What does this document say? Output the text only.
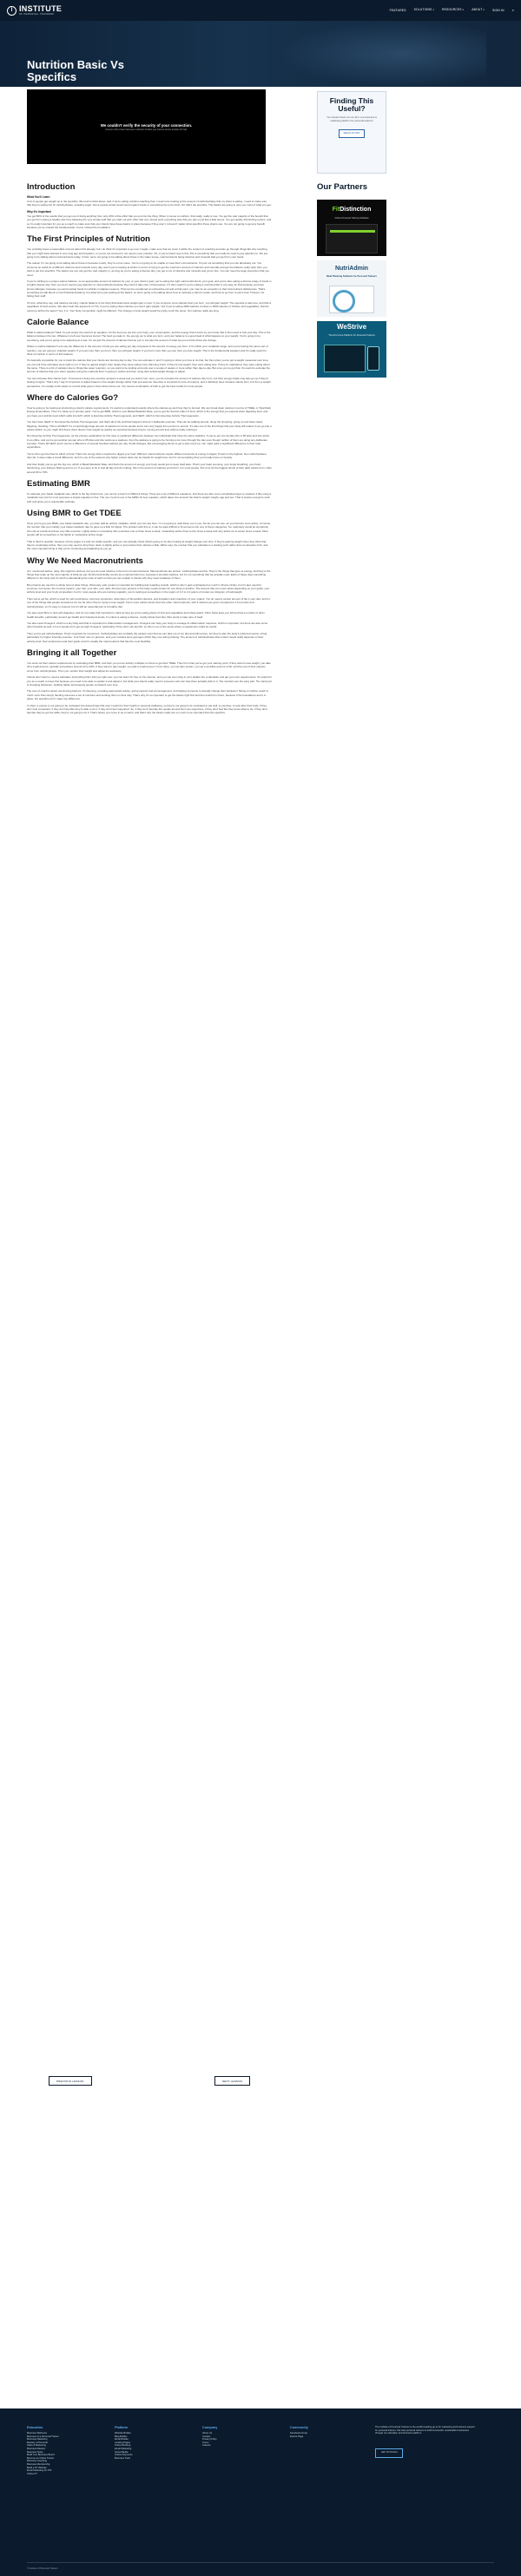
I INSTITUTE
OF PERSONAL TRAINERS
FEATURES	SOLUTIONS▾	RESOURCES▾	ABOUT▾	SIGN IN ⌕
Nutrition Basic Vs Specifics
We couldn't verify the security of your connection.
Access to this content has been restricted. Contact your internet service provider for help.
Introduction
What You'll Learn

A lot of people get caught up in the specifics. We tend to think about, well, if we're eating nutrition coaching then I need to be looking at the amount of carbohydrates that my client is eating. I need to make sure that they're eating low GI carbohydrates, avoiding sugar. Some people would recommend organic foods or everything has to be fresh, but that's the specifics. The basics are going to give you most of what you get.

Why it's Important

You get 80% of the results that you get out of doing anything from only 20% of the effort that you put into the thing. When it comes to nutrition, that really, really is true. You get the vast majority of the benefit that you get from eating a healthy diet from following the very simple stuff that you start out with. After that very simple stuff, everything else that you pile in just like a little bonus. You get rapidly diminishing returns, and so it's really important for you as a coach to make sure that your clients have these basics in place because if they aren't, it doesn't matter what specifics those clients use. You are not going to get any benefit because you've missed the fundamentals. You've missed the foundation.

The First Principles of Nutrition

You probably know a reasonable amount about this already, but I do think it's important to go over it again, make sure that we cover it within the context of coaching and also go through things like why anything that you might have learned is very long ago and forgotten, or you've not covered or not used in your practice. Oh, if you're brand new to this, this is something that you really do need to pay attention to. We are going to be talking about macronutrients today. In fact, we're not going to be talking about those in the wider sense, macronutrients being vitamins and minerals that you get from your foods.

The reason I'm not going to be talking about those is because mostly, they're not an issue. You're not going to be unable to meet their micronutrients. It's just not something that you can absolutely not. You consume an awful lot of different vitamins and minerals every day, and if you're looking at what's in terms of trying to get the maximum amount of vitamins and minerals and get the balance really right, then you start to get into specifics. The basics are you can get the vast majority in, as long as you're eating a diverse diet, you get a mix of vitamins and minerals and you're fine. You can meet the large proportion that you need.

If you're sticking to a proper calorie balance, so an appropriate amount of calories for your or your client's goal, you're eating the right macronutrients for your goal, and you're also eating a diverse range of foods in a highly diverse diet, then you don't need to pay attention to micronutrients because they kind of take care of themselves. It's then useful if you're eating a restricted diet in any way, be that because you have known allergies, because you avoid certain foods for ethical or religious reasons. That can be considered an exhaustive job and at that point, you may be an exception to that micronutrient deficiencies. That's something we talk about on the Practical Academy, but what we're just looking at the basics, so we're going to be talking about how to estimate a client's needs, and how to go from to eat it even if they're not hitting their stuff.

It's true, what they say, and calories are king. Calorie balance is the thing that determines weight gain or loss. If you consume more calories than you burn, you will gain weight. The opposite is also true, and that is regardless of food source. We often hear this argument of "Oh, if you're eating clean calories you won't gain weight," but if you're eating 3000 calories of clean or 3000 calories of chicken and vegetables, that the outcome will be the same? Yes, it is. Your body composition might be different. The change in body weight would be pretty much the same. Our calories really are king.

Calorie Balance

What is calorie balance? Well, it's just simply the result of an equation. It's the food you put into your body, your consumption, and the energy that is burnt by your body that is then used to fuel your day. This is the balance between the two. Whatever is left over becomes stored. The food you take in, the energy out is what you burn, and your balance is a good deal of what happens to your weight. You're going to be exercising, and you're going to be adjusting at a rate. It's not just the amount of calories that we put in, but also the amount of what we put out that drives the change.

Where is calorie balance? Let's say the difference in the amount of food you are eating per day compared to the amount of energy you burn. If it's within your metabolic range, and you're having the same sort of reaction, you are going to maintain weight. If you eat more than you burn, then you will gain weight. If you burn more than you eat, then you lose weight. This is the fundamental equation and it's really useful to think of nutrition in terms of this balance.

It's basically impossible for you to track the calories that your clients are burning day to day. You can estimate it, and I'm going to show you how to do that, but then when you've got a weight measured over time, you can tell if the estimates were right or not. If they've gained weight, then clearly they were eating more than they burnt. If they've lost weight, they were eating less. If they've maintained, they were eating about the same. There is a bit of variation due to things like water retention, so you want to be looking at trends over a couple of weeks or more rather than day-to-day. But once you've got that, it's useful to estimate the amount of calories that your client requires using the methods that I'm going to outline and then using their actual weight change to adjust.

You can increase their calorie burn. If someone's doing two exercise sessions a week and you add in two more, you do increase the amount of calories they burn, but their energy intake may also go up if they're feeling hungrier. That's why I say it's important to adjust based on the weight change rather than just assume. Exercise is important for lots of reasons, and it definitely does increase calorie burn, but from a weight perspective, it's usually much easier to control what goes in than what comes out. You need a combination of both to get the best results for most people.

Where do Calories Go?

If we're going to be looking at structuring a client's calorie requirements, it's useful to understand exactly where the calories go and how they're burned. We can break down calories in terms of TDEE, or Total Daily Energy Expenditure. Then it's made up of primary parts. You've got BMR, which is your Basal Metabolic Rate, you've got the thermic effect of food, which is the energy that you expend when digesting food, and you have your activity level which splits into EAT, which is Exercise Activity Thermogenesis, and NEAT, which is Non Exercise Activity Thermogenesis.

You then have NEAT or Non Exercise Activity Thermogenesis, and that's all of the stuff that happens that isn't deliberate exercise. That can be walking around, doing the shopping, going up and down stairs, fidgeting, standing. This is all NEAT. It's a surprisingly large amount of calories for some people and it can vary hugely from person to person. It's also one of the first things that your body will reduce if you go into a calorie deficit, so you might find that a client doesn't lose weight as quickly as expected because they're moving around less without really noticing it.

Non Exercise Activity Thermogenesis, as the primary explanation for this case is explained difference between two individuals that have the same statistics. If you've got one female who is 65 kilos and she works in an office, and you've got another woman who is 65 kilos and she works as a waitress, then the waitress is going to be burning a lot more through the day even though neither of them are doing any deliberate exercise. That's all NEAT, and it can be a difference of several hundred calories per day. Small changes, like encouraging clients to get a step count up, can make quite a significant difference to their total expenditure.

You've then got the thermic effect of food. That's the energy that is required to digest your food. Different macronutrients require different amounts of energy to digest. Protein is the highest, then carbohydrates, then fat. It does make a small difference, and it's one of the reasons why higher protein diets can be helpful for weight loss, but it's not something that you'd really focus on heavily.

And then finally you've got the big one, which is Basal Metabolic Rate, and that's the amount of energy your body needs just to keep itself alive. That's your heart pumping, your lungs breathing, your brain functioning, your kidneys filtering and so on. If you were to lie in bed all day and do nothing, this is the amount of calories you'd burn. For most people, this is by far the biggest chunk of their daily calorie burn, often around 60 to 70%.

Estimating BMR

To estimate your basal metabolic rate, which is the big chunk here, you can do a bunch of different things. There are a lot of different equations, and there are also more complicated ways to measure it like using a metabolic cart, but for most purposes a simple equation is fine. The one I tend to use is the Mifflin-St Jeor equation, which takes into account the client's weight, height, age and sex. That is simple enough to work with and gives you a reasonable estimate.

Using BMR to Get TDEE

Once you've got your BMR, your basal metabolic rate, you then add an activity multiplier, which you can see here. I'm not going to read these out to you, but as you can see, as you become more active, of course the number that you multiply your basal metabolic rate by goes up a little bit higher. The problem with this is, it can be quite difficult to fit someone into one of these categories. So, sedentary would be somebody who sits at a desk and does very little exercise. Lightly active is somebody who exercises one to three times a week, moderately active three to five times a week and very active six to seven times a week. Most people will sit somewhere in the lightly to moderately active range.

That is hard to quantify, because of how vague it is and not totally specific, and you can actually check what's going on by then looking at weight change over time. If they're gaining weight when they think that they're moderately active, then you may need to drop them down to lightly active or just reduce their calories a little. Either way, the number that you calculate is a starting point rather than an absolute truth, and the most important thing is that you're monitoring and adjusting as you go.

Why We Need Macronutrients

As I mentioned before, okay, this might be obvious, but you do need calories in the form of macronutrients. Macronutrients are protein, carbohydrates and fat. They're the things that give us energy, and they're the things that make up the vast majority of what we eat. Alcohol technically counts as a macronutrient too, because it provides calories, but it's not something that we actually need. Each of these does something different in the body and it's worth understanding the roles of each so that you can explain to clients why they need a balance of them.

But proteins are used for a whole host of other things. Obviously, well, protein is important for building and repairing muscle, which is why it gets emphasised so much in fitness circles, but it's also used for enzymes, hormones, the immune system, your hair, your skin, your nails. Almost every process in the body needs protein for one thing or another. The amount that you need varies depending on your goals, your activity level and your body composition, but for most people who are training regularly, you're looking at somewhere in the region of 1.6 to 2.2 grams of protein per kilogram of bodyweight.

Then we've got fat, which is used for cell membranes, hormone production, absorption of fat-soluble vitamins, and insulation and protection of your organs. You do need a certain amount of fat in your diet, and it's one of the things that people sometimes cut too far when they're trying to lose weight. Fat is more calorie dense than the other macronutrients, with 9 calories per gram compared to 4 for protein and carbohydrates, so it's easy to overeat, but it's still an essential part of a healthy diet.

You also need fibre to help with digestion, and it's not really that important to track as long as you're eating plenty of fruit and vegetables and whole grains. Fibre helps keep you full and has a number of other health benefits, particularly around gut health and cholesterol levels. If a client is eating a diverse, mostly whole food diet, fibre tends to take care of itself.

You also need Omega-3, which is a key fatty acid that is important for inflammation management. Omega-3 can help your body to manage its inflammation response, which is important, but there are also some other benefits as well. A lot of people don't get enough Omega-3, particularly if they don't eat oily fish, so this is one of the areas where a supplement might be useful.

Then you've got carbohydrates. That's important for movement. Carbohydrates are probably the easiest ones that we can take out of our diet and still survive, but they're also the body's preferred source of fuel, particularly for higher intensity exercise. Your brain runs on glucose, and your muscles store glycogen which they use during training. The amount of carbohydrates that a client needs really depends on their activity level, their preferences and their goals, and it's usually the macronutrient that has the most flexibility.

Bringing it all Together

You work out their calorie requirements by estimating their BMR, and then you put an activity multiplier on there to get their TDEE. Then from that you've got your starting point. If they want to lose weight, you take off a small amount, typically somewhere around 10 to 20%. If they want to gain weight, you add a small amount. From there, you set their protein, you set a sensible amount of fat, and the rest of their calories come from carbohydrates. Then you monitor their weight and adjust as necessary.

Clients don't want or need a calculator. Everything that I told you right now, you can learn for free on the internet, and you can even plug in your details into a calculator and get your own requirements. It's useful for you as a coach to know this because you need to be able to explain it and adjust it, but what your clients really need is someone who can help them actually stick to it. The numbers are the easy part. The hard part is changing behaviour, building habits and keeping people consistent over time.

The cost of coach is about overcoming barriers. It's listening, providing appropriate advice, giving support and encouragement, and helping someone to actually change their behaviour. Being a nutrition coach is much more than simply handing someone a set of numbers and sending them on their way. That's why it's so important to get the basics right first and then build from there, because if the foundations aren't in place, the specifics won't make any difference.

In short, a person is not going to be motivated into doing things that aren't useful for their health or personal wellbeing, so they're not going to be motivated to eat well, to exercise, to look after their body, if they don't feel competent, if they don't feel like they're able to do it, if they don't feel supported. So, if they don't feel like the people around them are supportive, if they don't feel like they know what to do, if they don't feel like they've got the skills, they're not going to do it. That's where you come in as a coach, and that's why the basics really are so much more important than the specifics.

PREVIOUS LESSON	NEXT LESSON
Finding This Useful?
You should check out our all in one business & marketing platform for personal trainers!
SEE IN ACTION
Our Partners
FitDistinction
Online Personal Training Software
NutriAdmin
Meal Planning Software for Personal Trainers
WeStrive
The All-in-One Platform for Personal Trainers

The Institute of Personal Trainers is the world's leading go-to for marketing and business support for personal trainers. We help personal trainers to build successful, sustainable businesses through our education and business platform.

GET IN TOUCH
© Institute of Personal Trainers
Education
Business Webinars
Business of a Personal Trainer
Business Marketing
Mastery of Personal
Sales & Marketing
Business Mastery
Business Setup
Build Your Business Brand
Become an Online Trainer
Business Coaching
Business Membership
Build a PT Website
Email Marketing for PTs
Online PT
Platform
Website Builder
Blog Builder
Email Builder
Landing Pages
Online Booking
Email Marketing
Social Media
Online Payments
Business Tools
Company
About Us
Contact
Privacy Policy
Terms
Careers
Community
Facebook Group
Events Page
